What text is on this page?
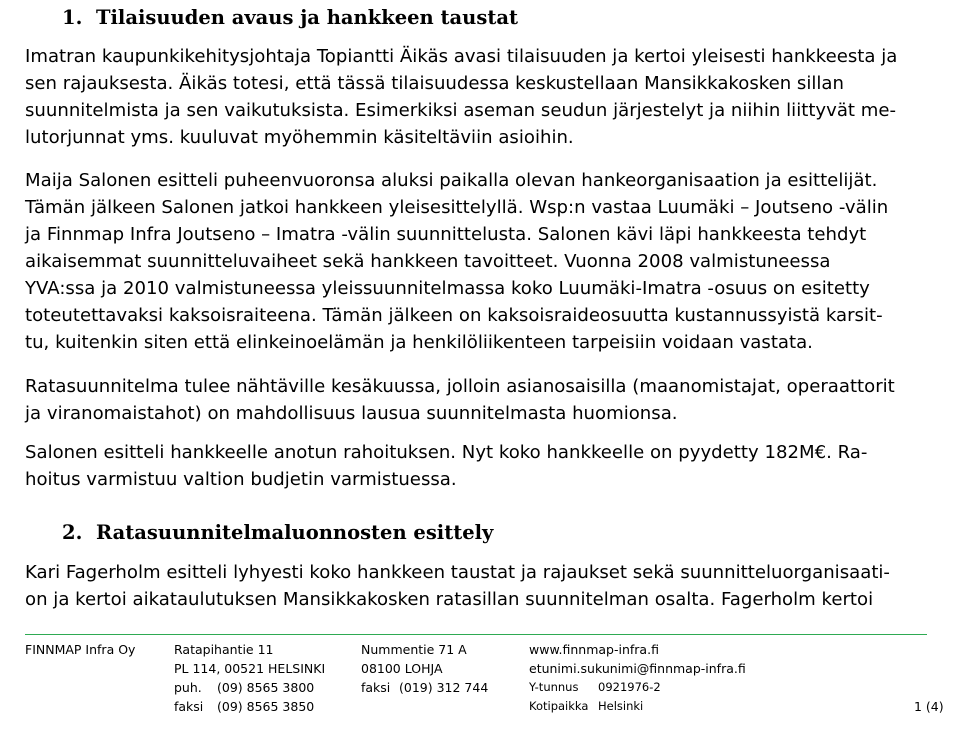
1. Tilaisuuden avaus ja hankkeen taustat
Imatran kaupunkikehitysjohtaja Topiantti Äikäs avasi tilaisuuden ja kertoi yleisesti hankkeesta ja
sen rajauksesta. Äikäs totesi, että tässä tilaisuudessa keskustellaan Mansikkakosken sillan
suunnitelmista ja sen vaikutuksista. Esimerkiksi aseman seudun järjestelyt ja niihin liittyvät me-
lutorjunnat yms. kuuluvat myöhemmin käsiteltäviin asioihin.
Maija Salonen esitteli puheenvuoronsa aluksi paikalla olevan hankeorganisaation ja esittelijät.
Tämän jälkeen Salonen jatkoi hankkeen yleisesittelyllä. Wsp:n vastaa Luumäki – Joutseno -välin
ja Finnmap Infra Joutseno – Imatra -välin suunnittelusta. Salonen kävi läpi hankkeesta tehdyt
aikaisemmat suunnitteluvaiheet sekä hankkeen tavoitteet. Vuonna 2008 valmistuneessa
YVA:ssa ja 2010 valmistuneessa yleissuunnitelmassa koko Luumäki-Imatra -osuus on esitetty
toteutettavaksi kaksoisraiteena. Tämän jälkeen on kaksoisraideosuutta kustannussyistä karsit-
tu, kuitenkin siten että elinkeinoelämän ja henkilöliikenteen tarpeisiin voidaan vastata.
Ratasuunnitelma tulee nähtäville kesäkuussa, jolloin asianosaisilla (maanomistajat, operaattorit
ja viranomaistahot) on mahdollisuus lausua suunnitelmasta huomionsa.
Salonen esitteli hankkeelle anotun rahoituksen. Nyt koko hankkeelle on pyydetty 182M€. Ra-
hoitus varmistuu valtion budjetin varmistuessa.
2. Ratasuunnitelmaluonnosten esittely
Kari Fagerholm esitteli lyhyesti koko hankkeen taustat ja rajaukset sekä suunnitteluorganisaati-
on ja kertoi aikataulutuksen Mansikkakosken ratasillan suunnitelman osalta. Fagerholm kertoi
FINNMAP Infra Oy	Ratapihantie 11
PL 114, 00521 HELSINKI
puh. (09) 8565 3800
faksi (09) 8565 3850
Nummentie 71 A
08100 LOHJA
faksi (019) 312 744
www.finnmap-infra.fi
etunimi.sukunimi@finnmap-infra.fi
Y-tunnus 0921976-2
Kotipaikka Helsinki	1 (4)
